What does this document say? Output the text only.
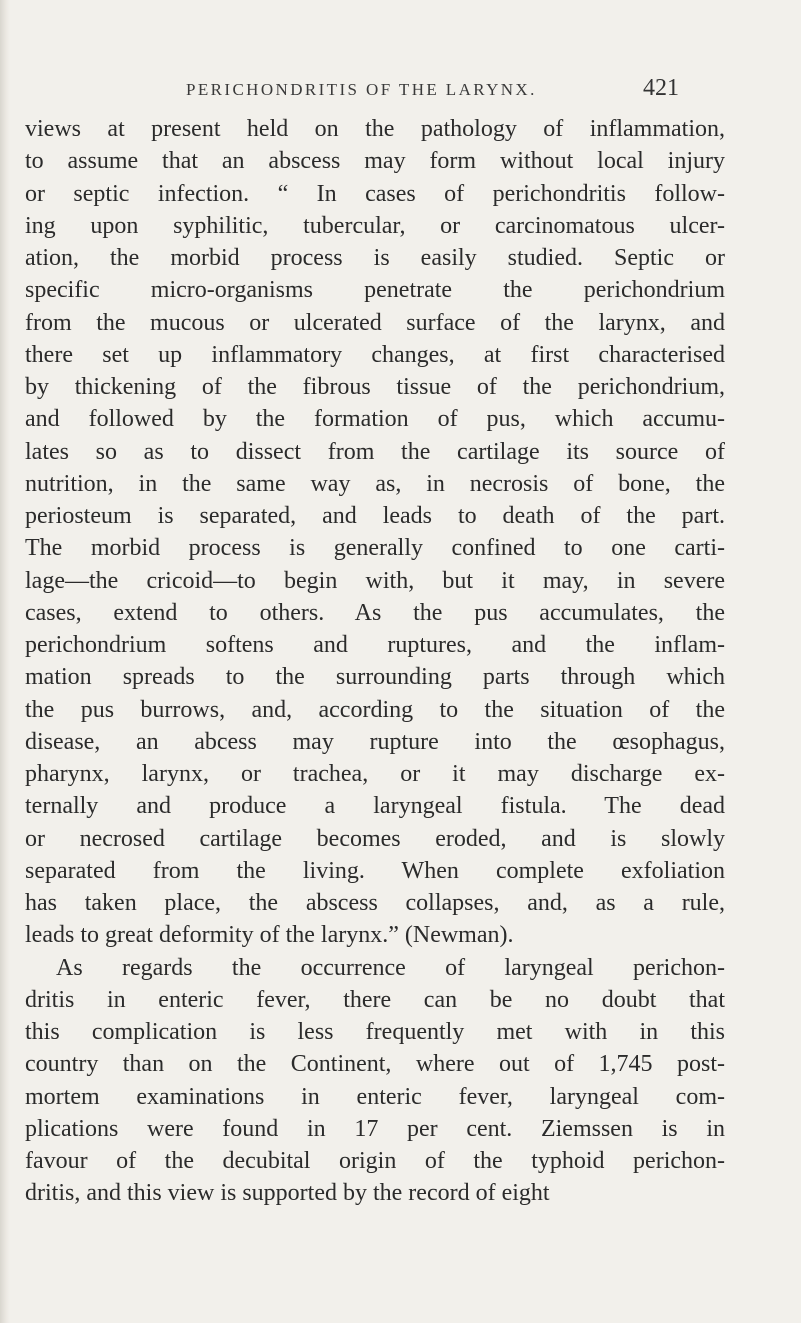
PERICHONDRITIS OF THE LARYNX.	421
views at present held on the pathology of inflammation,
to assume that an abscess may form without local injury
or septic infection. “ In cases of perichondritis follow-
ing upon syphilitic, tubercular, or carcinomatous ulcer-
ation, the morbid process is easily studied. Septic or
specific micro-organisms penetrate the perichondrium
from the mucous or ulcerated surface of the larynx, and
there set up inflammatory changes, at first characterised
by thickening of the fibrous tissue of the perichondrium,
and followed by the formation of pus, which accumu-
lates so as to dissect from the cartilage its source of
nutrition, in the same way as, in necrosis of bone, the
periosteum is separated, and leads to death of the part.
The morbid process is generally confined to one carti-
lage—the cricoid—to begin with, but it may, in severe
cases, extend to others. As the pus accumulates, the
perichondrium softens and ruptures, and the inflam-
mation spreads to the surrounding parts through which
the pus burrows, and, according to the situation of the
disease, an abcess may rupture into the œsophagus,
pharynx, larynx, or trachea, or it may discharge ex-
ternally and produce a laryngeal fistula. The dead
or necrosed cartilage becomes eroded, and is slowly
separated from the living. When complete exfoliation
has taken place, the abscess collapses, and, as a rule,
leads to great deformity of the larynx.” (Newman).
As regards the occurrence of laryngeal perichon-
dritis in enteric fever, there can be no doubt that
this complication is less frequently met with in this
country than on the Continent, where out of 1,745 post-
mortem examinations in enteric fever, laryngeal com-
plications were found in 17 per cent. Ziemssen is in
favour of the decubital origin of the typhoid perichon-
dritis, and this view is supported by the record of eight
